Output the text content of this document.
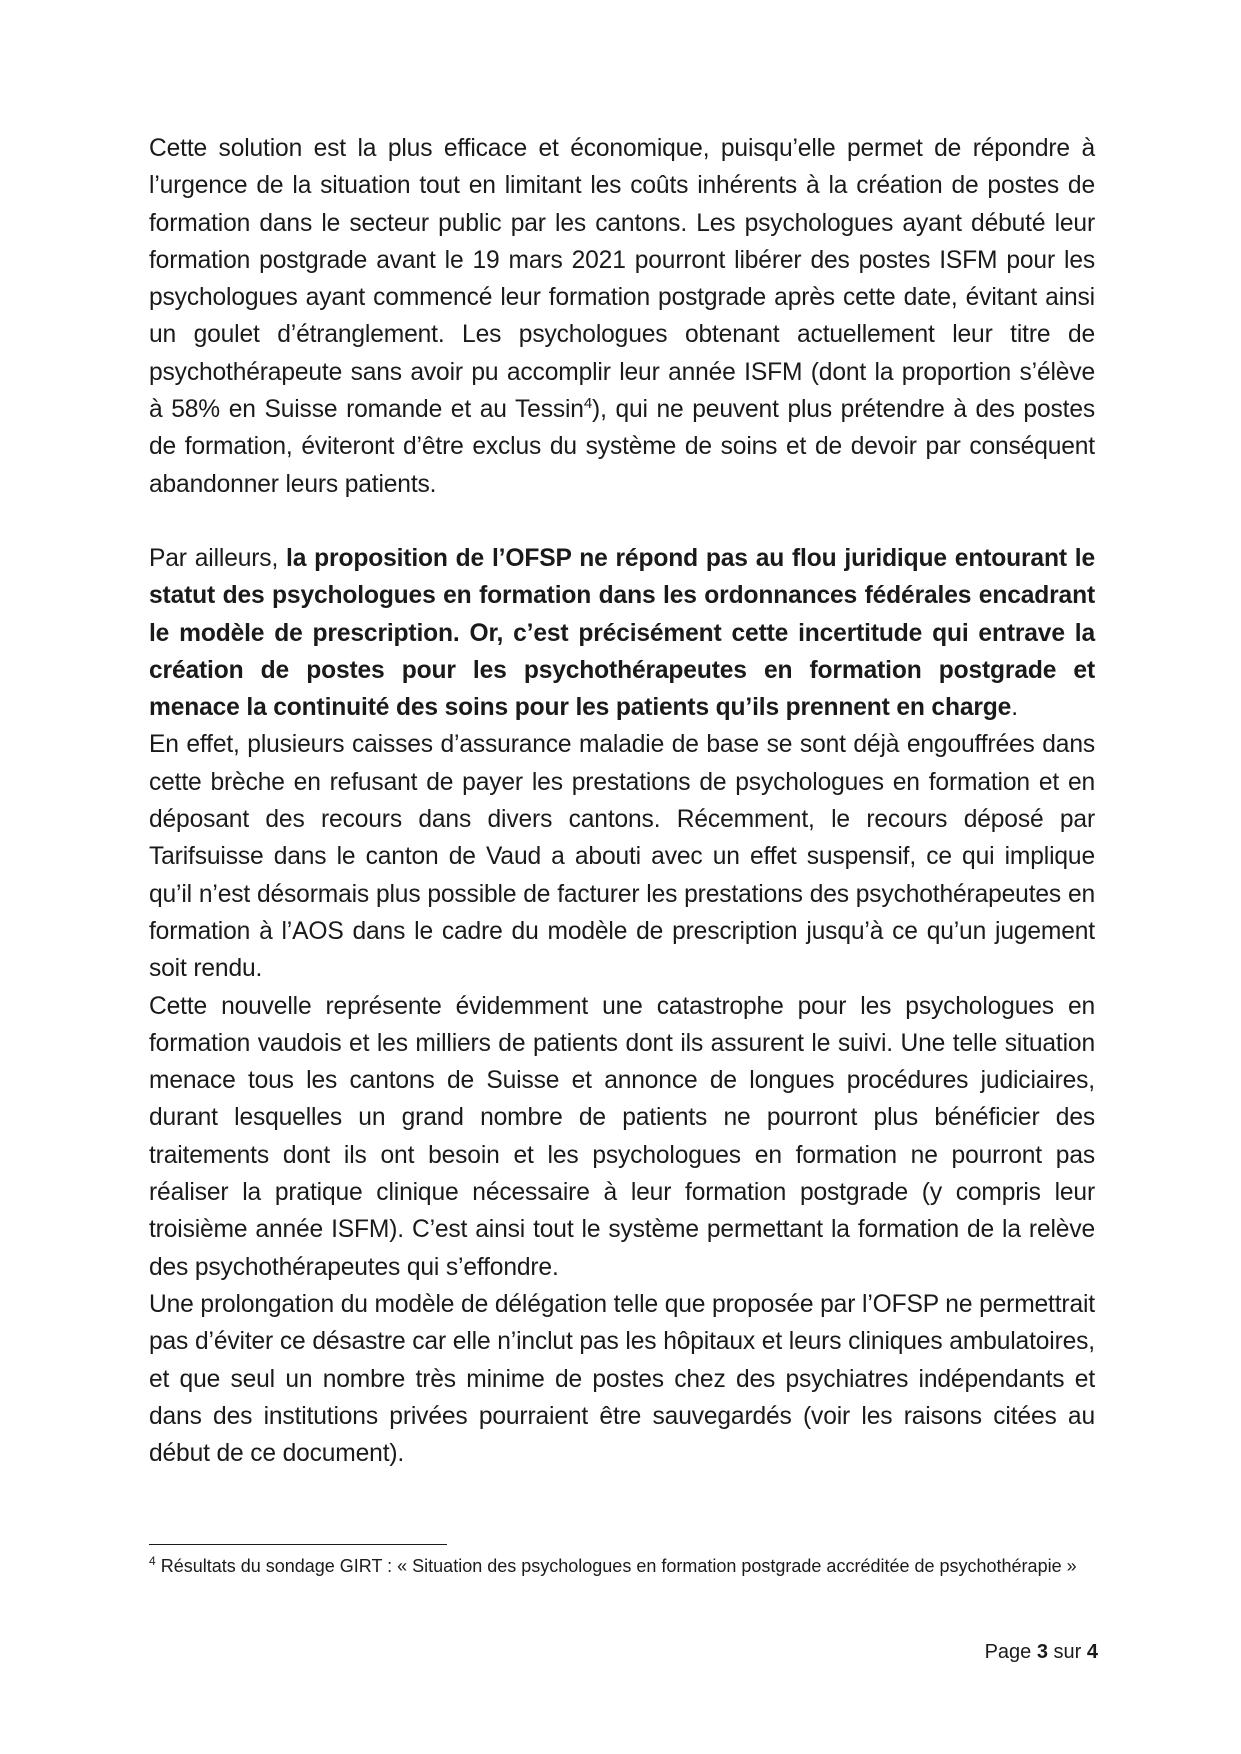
Cette solution est la plus efficace et économique, puisqu’elle permet de répondre à l’urgence de la situation tout en limitant les coûts inhérents à la création de postes de formation dans le secteur public par les cantons. Les psychologues ayant débuté leur formation postgrade avant le 19 mars 2021 pourront libérer des postes ISFM pour les psychologues ayant commencé leur formation postgrade après cette date, évitant ainsi un goulet d’étranglement. Les psychologues obtenant actuellement leur titre de psychothérapeute sans avoir pu accomplir leur année ISFM (dont la proportion s’élève à 58% en Suisse romande et au Tessin$^4$), qui ne peuvent plus prétendre à des postes de formation, éviteront d’être exclus du système de soins et de devoir par conséquent abandonner leurs patients.

Par ailleurs, la proposition de l’OFSP ne répond pas au flou juridique entourant le statut des psychologues en formation dans les ordonnances fédérales encadrant le modèle de prescription. Or, c’est précisément cette incertitude qui entrave la création de postes pour les psychothérapeutes en formation postgrade et menace la continuité des soins pour les patients qu’ils prennent en charge.

En effet, plusieurs caisses d’assurance maladie de base se sont déjà engouffrées dans cette brèche en refusant de payer les prestations de psychologues en formation et en déposant des recours dans divers cantons. Récemment, le recours déposé par Tarifsuisse dans le canton de Vaud a abouti avec un effet suspensif, ce qui implique qu’il n’est désormais plus possible de facturer les prestations des psychothérapeutes en formation à l’AOS dans le cadre du modèle de prescription jusqu’à ce qu’un jugement soit rendu.

Cette nouvelle représente évidemment une catastrophe pour les psychologues en formation vaudois et les milliers de patients dont ils assurent le suivi. Une telle situation menace tous les cantons de Suisse et annonce de longues procédures judiciaires, durant lesquelles un grand nombre de patients ne pourront plus bénéficier des traitements dont ils ont besoin et les psychologues en formation ne pourront pas réaliser la pratique clinique nécessaire à leur formation postgrade (y compris leur troisième année ISFM). C’est ainsi tout le système permettant la formation de la relève des psychothérapeutes qui s’effondre.

Une prolongation du modèle de délégation telle que proposée par l’OFSP ne permettrait pas d’éviter ce désastre car elle n’inclut pas les hôpitaux et leurs cliniques ambulatoires, et que seul un nombre très minime de postes chez des psychiatres indépendants et dans des institutions privées pourraient être sauvegardés (voir les raisons citées au début de ce document).

$^4$ Résultats du sondage GIRT : « Situation des psychologues en formation postgrade accréditée de psychothérapie »

Page 3 sur 4
